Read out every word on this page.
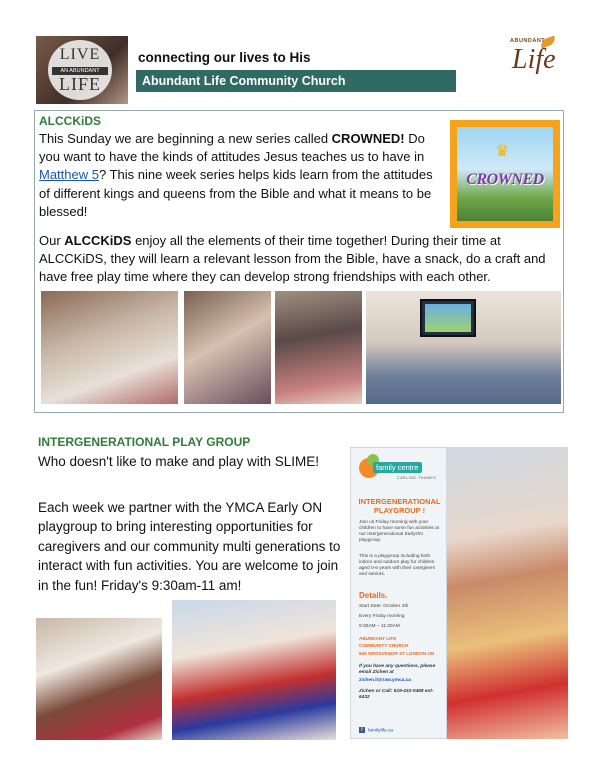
LIVE
AN ABUNDANT
LIFE
connecting our lives to His
Abundant Life Community Church
ABUNDANT
Life
ALCCKiDS
This Sunday we are beginning a new series called CROWNED! Do you want to have the kinds of attitudes Jesus teaches us to have in Matthew 5? This nine week series helps kids learn from the attitudes of different kings and queens from the Bible and what it means to be blessed!
♛
CROWNED
Our ALCCKiDS enjoy all the elements of their time together! During their time at ALCCKiDS, they will learn a relevant lesson from the Bible, have a snack, do a craft and have free play time where they can develop strong friendships with each other.
INTERGENERATIONAL PLAY GROUP
Who doesn't like to make and play with SLIME!
Each week we partner with the YMCA Early ON playgroup to bring interesting opportunities for caregivers and our community multi generations to interact with fun activities. You are welcome to join in the fun! Friday's 9:30am-11 am!
family centre
CARLING-THAMES
INTERGENERATIONAL PLAYGROUP !
Join us Friday morning with your children to have some fun activities at our Intergenerational EarlyON playgroup.
This is a playgroup including both indoor and outdoor play for children aged 0-6 years with their caregivers and seniors.
Details.
Start Date: October 4th
Every Friday morning
9:30AM – 11:30AM
ABUNDANT LIFE
COMMUNITY CHURCH
640 GROSVENOR ST LONDON ON
If you have any questions, please email Zichen at
zichen.li@raw.ymca.ca
Zichen or Call: 519-432-0488 ext-6432
f familylife.ca
